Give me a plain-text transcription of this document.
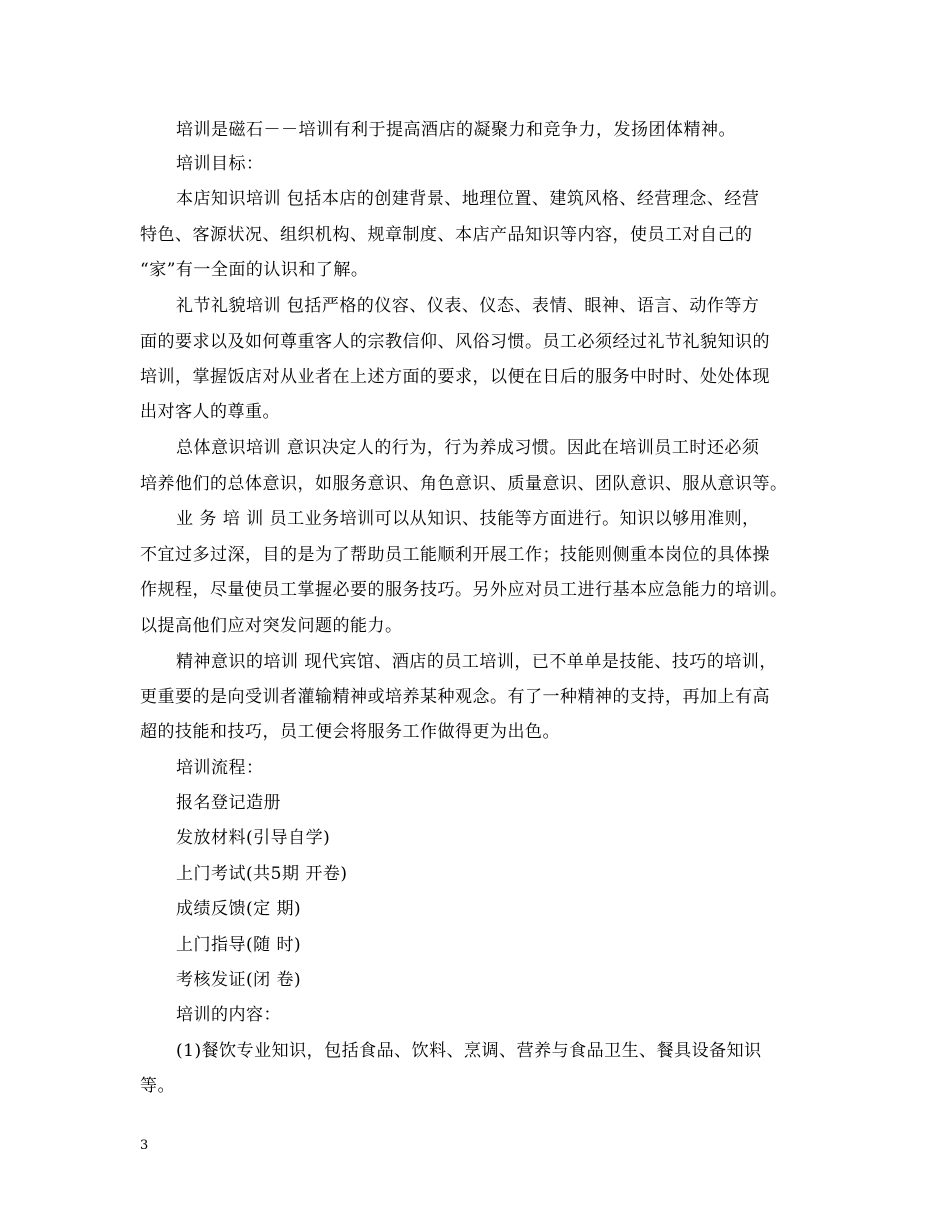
培训是磁石－－培训有利于提高酒店的凝聚力和竞争力，发扬团体精神。
培训目标：
本店知识培训 包括本店的创建背景、地理位置、建筑风格、经营理念、经营
特色、客源状况、组织机构、规章制度、本店产品知识等内容，使员工对自己的
“家”有一全面的认识和了解。
礼节礼貌培训 包括严格的仪容、仪表、仪态、表情、眼神、语言、动作等方
面的要求以及如何尊重客人的宗教信仰、风俗习惯。员工必须经过礼节礼貌知识的
培训，掌握饭店对从业者在上述方面的要求，以便在日后的服务中时时、处处体现
出对客人的尊重。
总体意识培训 意识决定人的行为，行为养成习惯。因此在培训员工时还必须
培养他们的总体意识，如服务意识、角色意识、质量意识、团队意识、服从意识等。
业 务 培 训 员工业务培训可以从知识、技能等方面进行。知识以够用准则，
不宜过多过深，目的是为了帮助员工能顺利开展工作；技能则侧重本岗位的具体操
作规程，尽量使员工掌握必要的服务技巧。另外应对员工进行基本应急能力的培训。
以提高他们应对突发问题的能力。
精神意识的培训 现代宾馆、酒店的员工培训，已不单单是技能、技巧的培训，
更重要的是向受训者灌输精神或培养某种观念。有了一种精神的支持，再加上有高
超的技能和技巧，员工便会将服务工作做得更为出色。
培训流程：
报名登记造册
发放材料(引导自学)
上门考试(共5期 开卷)
成绩反馈(定 期)
上门指导(随 时)
考核发证(闭 卷)
培训的内容：
(1)餐饮专业知识，包括食品、饮料、烹调、营养与食品卫生、餐具设备知识
等。
3
